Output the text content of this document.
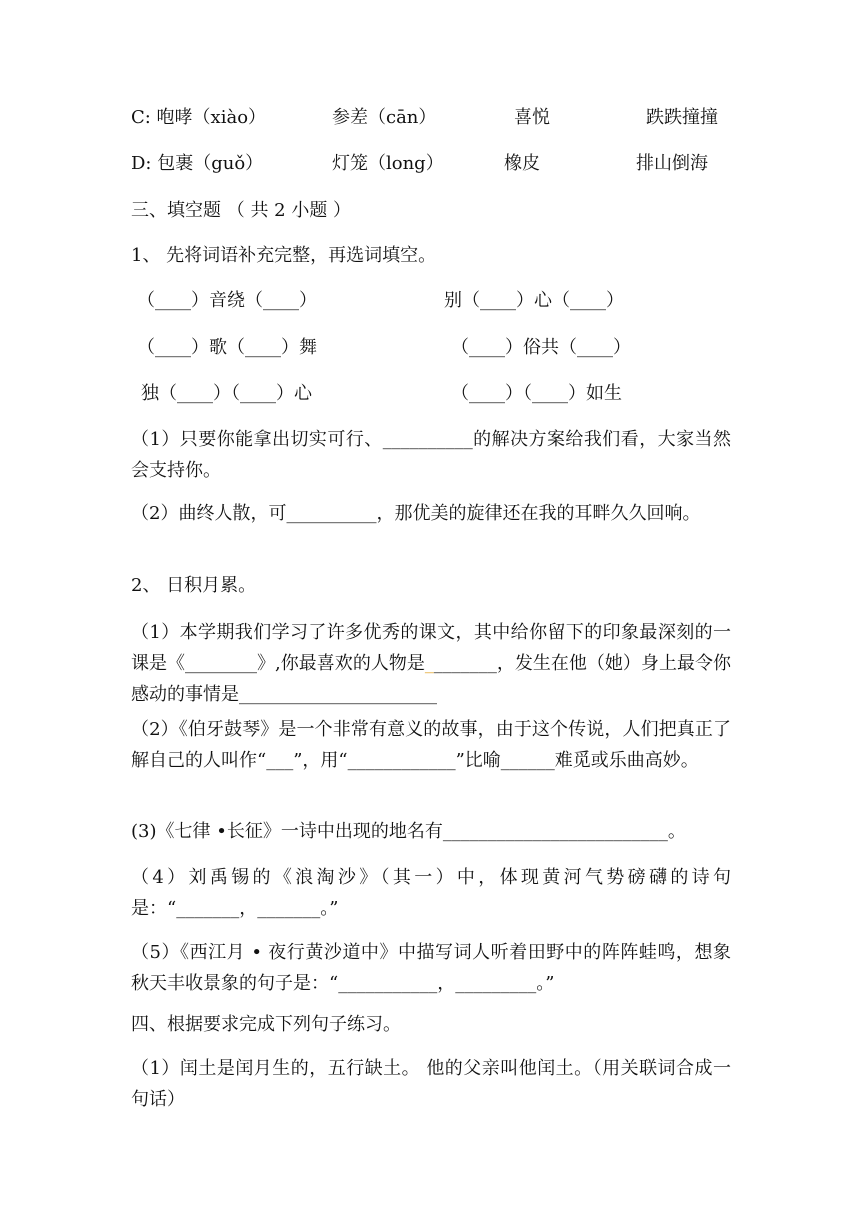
C: 咆哮（xiào）	参差（cān）	喜悦	跌跌撞撞
D: 包裹（guǒ）	灯笼（long）	橡皮	排山倒海
三、填空题 （ 共 2 小题 ）
1、 先将词语补充完整，再选词填空。
（____）音绕（____）	别（____）心（____）
（____）歌（____）舞	（____）俗共（____）
独（____）（____）心	（____）（____）如生
（1）只要你能拿出切实可行、__________的解决方案给我们看，大家当然会支持你。
（2）曲终人散，可__________，那优美的旋律还在我的耳畔久久回响。
2、 日积月累。
（1）本学期我们学习了许多优秀的课文，其中给你留下的印象最深刻的一课是《________》,你最喜欢的人物是________，发生在他（她）身上最令你感动的事情是______________________
（2）《伯牙鼓琴》是一个非常有意义的故事，由于这个传说，人们把真正了解自己的人叫作“___”，用“____________”比喻______难觅或乐曲高妙。
(3)《七律 •长征》一诗中出现的地名有_________________________。
（4）刘禹锡的《浪淘沙》（其一）中，体现黄河气势磅礴的诗句是：“_______，_______。”
（5）《西江月 • 夜行黄沙道中》中描写词人听着田野中的阵阵蛙鸣，想象秋天丰收景象的句子是：“___________，_________。”
四、根据要求完成下列句子练习。
（1）闰土是闰月生的，五行缺土。 他的父亲叫他闰土。（用关联词合成一句话）
